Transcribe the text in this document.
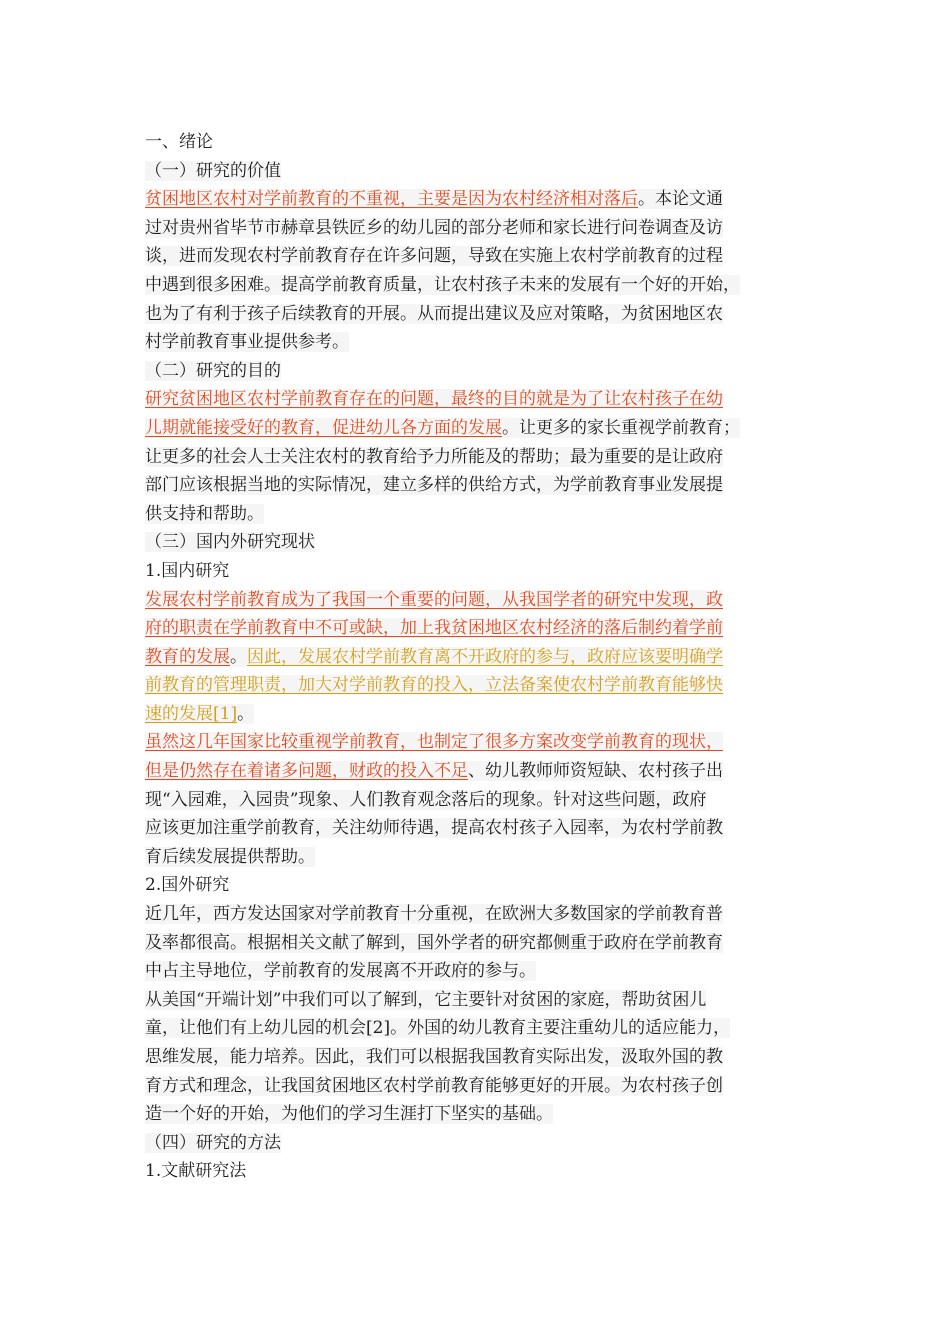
一、绪论
（一）研究的价值
贫困地区农村对学前教育的不重视，主要是因为农村经济相对落后。本论文通
过对贵州省毕节市赫章县铁匠乡的幼儿园的部分老师和家长进行问卷调查及访
谈，进而发现农村学前教育存在许多问题，导致在实施上农村学前教育的过程
中遇到很多困难。提高学前教育质量，让农村孩子未来的发展有一个好的开始，
也为了有利于孩子后续教育的开展。从而提出建议及应对策略，为贫困地区农
村学前教育事业提供参考。
（二）研究的目的
研究贫困地区农村学前教育存在的问题，最终的目的就是为了让农村孩子在幼
儿期就能接受好的教育，促进幼儿各方面的发展。让更多的家长重视学前教育；
让更多的社会人士关注农村的教育给予力所能及的帮助；最为重要的是让政府
部门应该根据当地的实际情况，建立多样的供给方式，为学前教育事业发展提
供支持和帮助。
（三）国内外研究现状
1.国内研究
发展农村学前教育成为了我国一个重要的问题，从我国学者的研究中发现，政
府的职责在学前教育中不可或缺，加上我贫困地区农村经济的落后制约着学前
教育的发展。因此，发展农村学前教育离不开政府的参与，政府应该要明确学
前教育的管理职责，加大对学前教育的投入，立法备案使农村学前教育能够快
速的发展[1]。
虽然这几年国家比较重视学前教育，也制定了很多方案改变学前教育的现状，
但是仍然存在着诸多问题，财政的投入不足、幼儿教师师资短缺、农村孩子出
现“入园难，入园贵”现象、人们教育观念落后的现象。针对这些问题，政府
应该更加注重学前教育，关注幼师待遇，提高农村孩子入园率，为农村学前教
育后续发展提供帮助。
2.国外研究
近几年，西方发达国家对学前教育十分重视，在欧洲大多数国家的学前教育普
及率都很高。根据相关文献了解到，国外学者的研究都侧重于政府在学前教育
中占主导地位，学前教育的发展离不开政府的参与。
从美国“开端计划”中我们可以了解到，它主要针对贫困的家庭，帮助贫困儿
童，让他们有上幼儿园的机会[2]。外国的幼儿教育主要注重幼儿的适应能力，
思维发展，能力培养。因此，我们可以根据我国教育实际出发，汲取外国的教
育方式和理念，让我国贫困地区农村学前教育能够更好的开展。为农村孩子创
造一个好的开始，为他们的学习生涯打下坚实的基础。
（四）研究的方法
1.文献研究法
